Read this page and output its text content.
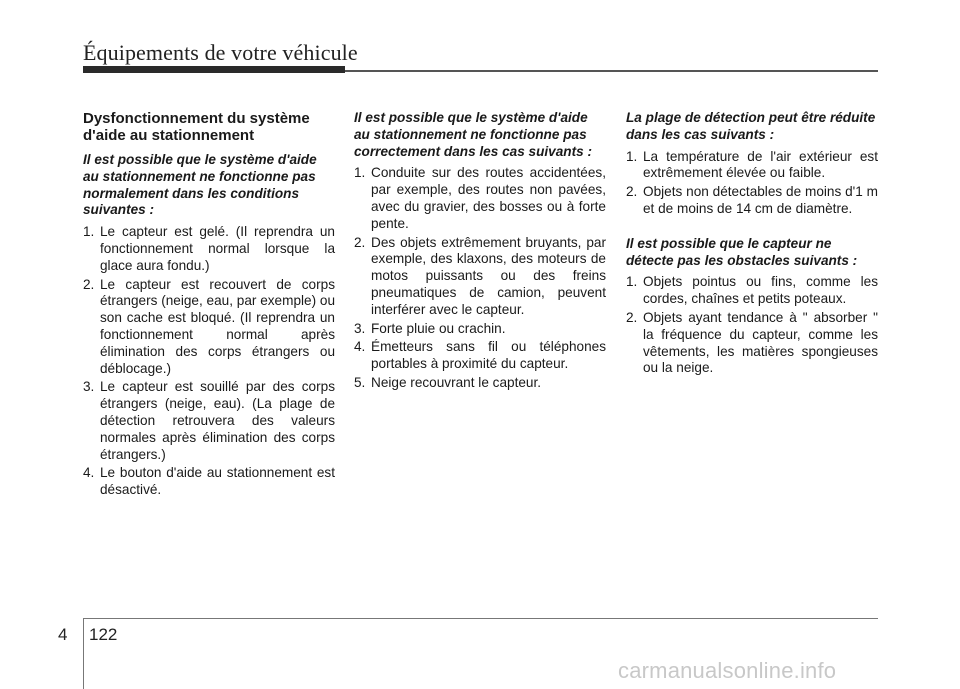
Équipements de votre véhicule
Dysfonctionnement du système d'aide au stationnement
Il est possible que le système d'aide au stationnement ne fonctionne pas normalement dans les conditions suivantes :
1. Le capteur est gelé. (Il reprendra un fonctionnement normal lorsque la glace aura fondu.)
2. Le capteur est recouvert de corps étrangers (neige, eau, par exemple) ou son cache est bloqué. (Il reprendra un fonctionnement normal après élimination des corps étrangers ou déblocage.)
3. Le capteur est souillé par des corps étrangers (neige, eau). (La plage de détection retrouvera des valeurs normales après élimination des corps étrangers.)
4. Le bouton d'aide au stationnement est désactivé.
Il est possible que le système d'aide au stationnement ne fonctionne pas correctement dans les cas suivants :
1. Conduite sur des routes accidentées, par exemple, des routes non pavées, avec du gravier, des bosses ou à forte pente.
2. Des objets extrêmement bruyants, par exemple, des klaxons, des moteurs de motos puissants ou des freins pneumatiques de camion, peuvent interférer avec le capteur.
3. Forte pluie ou crachin.
4. Émetteurs sans fil ou téléphones portables à proximité du capteur.
5. Neige recouvrant le capteur.
La plage de détection peut être réduite dans les cas suivants :
1. La température de l'air extérieur est extrêmement élevée ou faible.
2. Objets non détectables de moins d'1 m et de moins de 14 cm de diamètre.
Il est possible que le capteur ne détecte pas les obstacles suivants :
1. Objets pointus ou fins, comme les cordes, chaînes et petits poteaux.
2. Objets ayant tendance à " absorber " la fréquence du capteur, comme les vêtements, les matières spongieuses ou la neige.
4 122
carmanualsonline.info
